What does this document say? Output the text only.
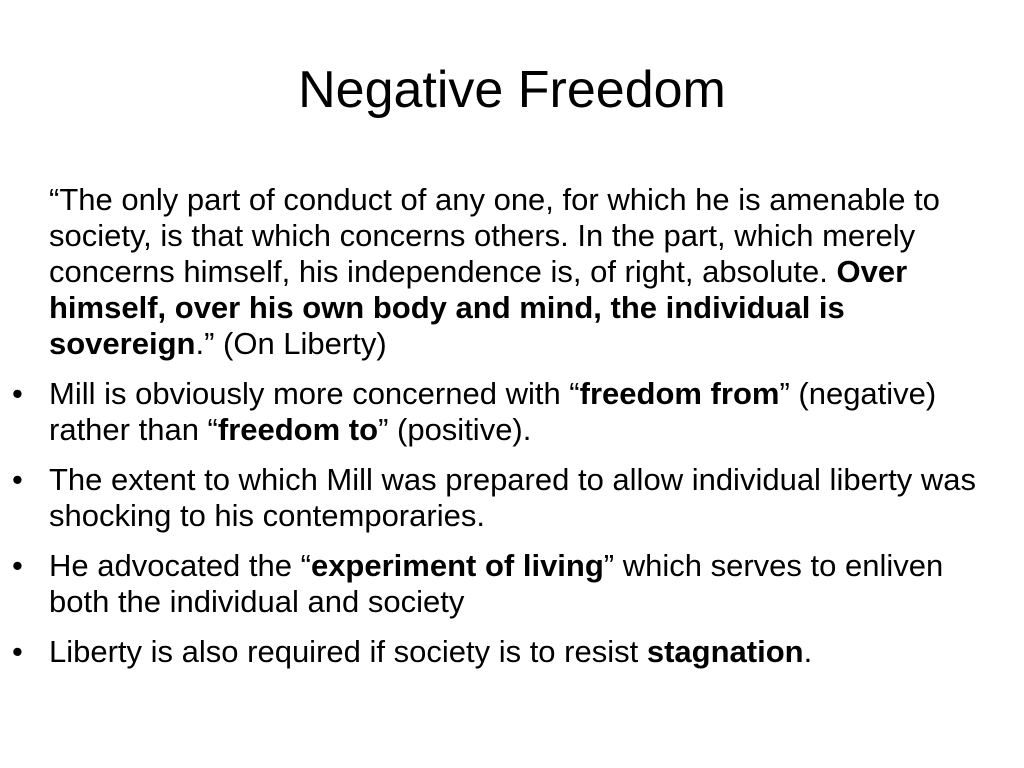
Negative Freedom
“The only part of conduct of any one, for which he is amenable to society, is that which concerns others. In the part, which merely concerns himself, his independence is, of right, absolute. Over himself, over his own body and mind, the individual is sovereign.” (On Liberty)
• Mill is obviously more concerned with “freedom from” (negative) rather than “freedom to” (positive).
• The extent to which Mill was prepared to allow individual liberty was shocking to his contemporaries.
• He advocated the “experiment of living” which serves to enliven both the individual and society
• Liberty is also required if society is to resist stagnation.
